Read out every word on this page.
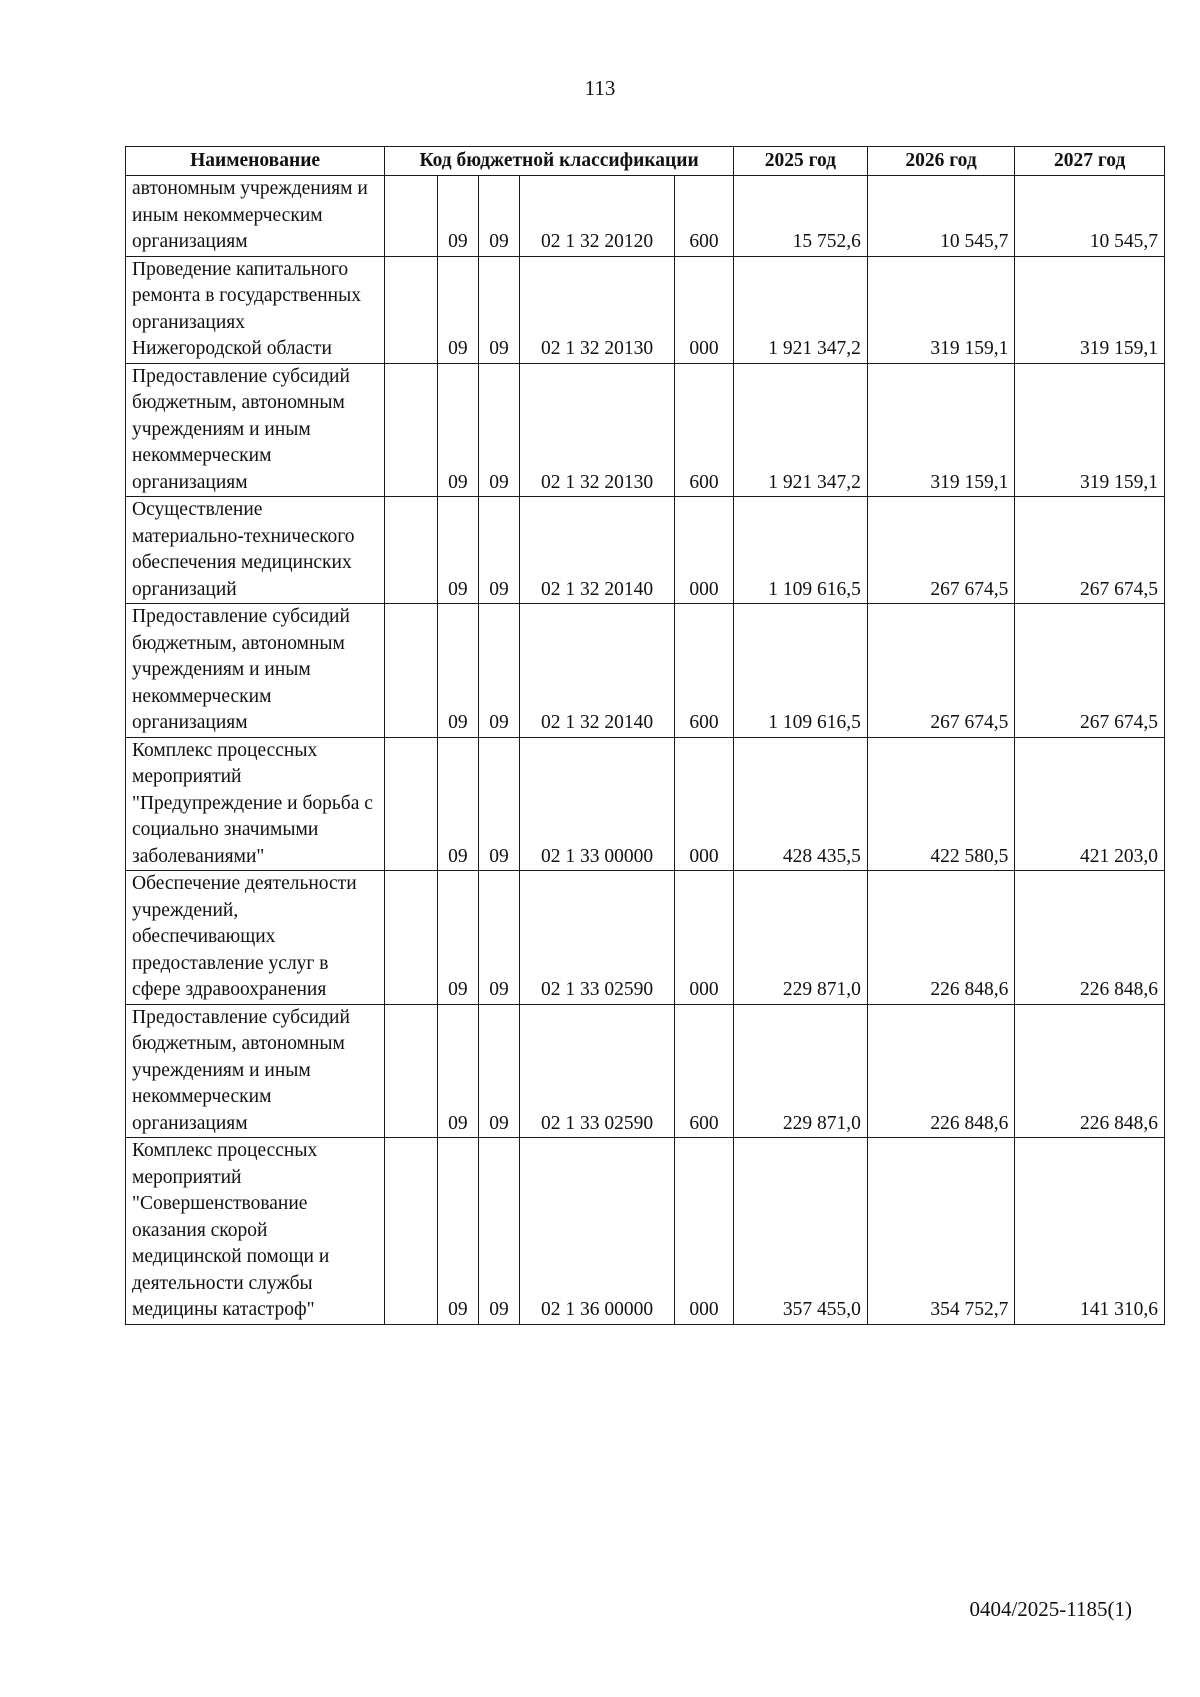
113
Наименование	Код бюджетной классификации					2025 год	2026 год	2027 год
автономным учреждениям и иным некоммерческим организациям		09	09	02 1 32 20120	600	15 752,6	10 545,7	10 545,7
Проведение капитального ремонта в государственных организациях Нижегородской области		09	09	02 1 32 20130	000	1 921 347,2	319 159,1	319 159,1
Предоставление субсидий бюджетным, автономным учреждениям и иным некоммерческим организациям		09	09	02 1 32 20130	600	1 921 347,2	319 159,1	319 159,1
Осуществление материально-технического обеспечения медицинских организаций		09	09	02 1 32 20140	000	1 109 616,5	267 674,5	267 674,5
Предоставление субсидий бюджетным, автономным учреждениям и иным некоммерческим организациям		09	09	02 1 32 20140	600	1 109 616,5	267 674,5	267 674,5
Комплекс процессных мероприятий "Предупреждение и борьба с социально значимыми заболеваниями"		09	09	02 1 33 00000	000	428 435,5	422 580,5	421 203,0
Обеспечение деятельности учреждений, обеспечивающих предоставление услуг в сфере здравоохранения		09	09	02 1 33 02590	000	229 871,0	226 848,6	226 848,6
Предоставление субсидий бюджетным, автономным учреждениям и иным некоммерческим организациям		09	09	02 1 33 02590	600	229 871,0	226 848,6	226 848,6
Комплекс процессных мероприятий "Совершенствование оказания скорой медицинской помощи и деятельности службы медицины катастроф"		09	09	02 1 36 00000	000	357 455,0	354 752,7	141 310,6
0404/2025-1185(1)
